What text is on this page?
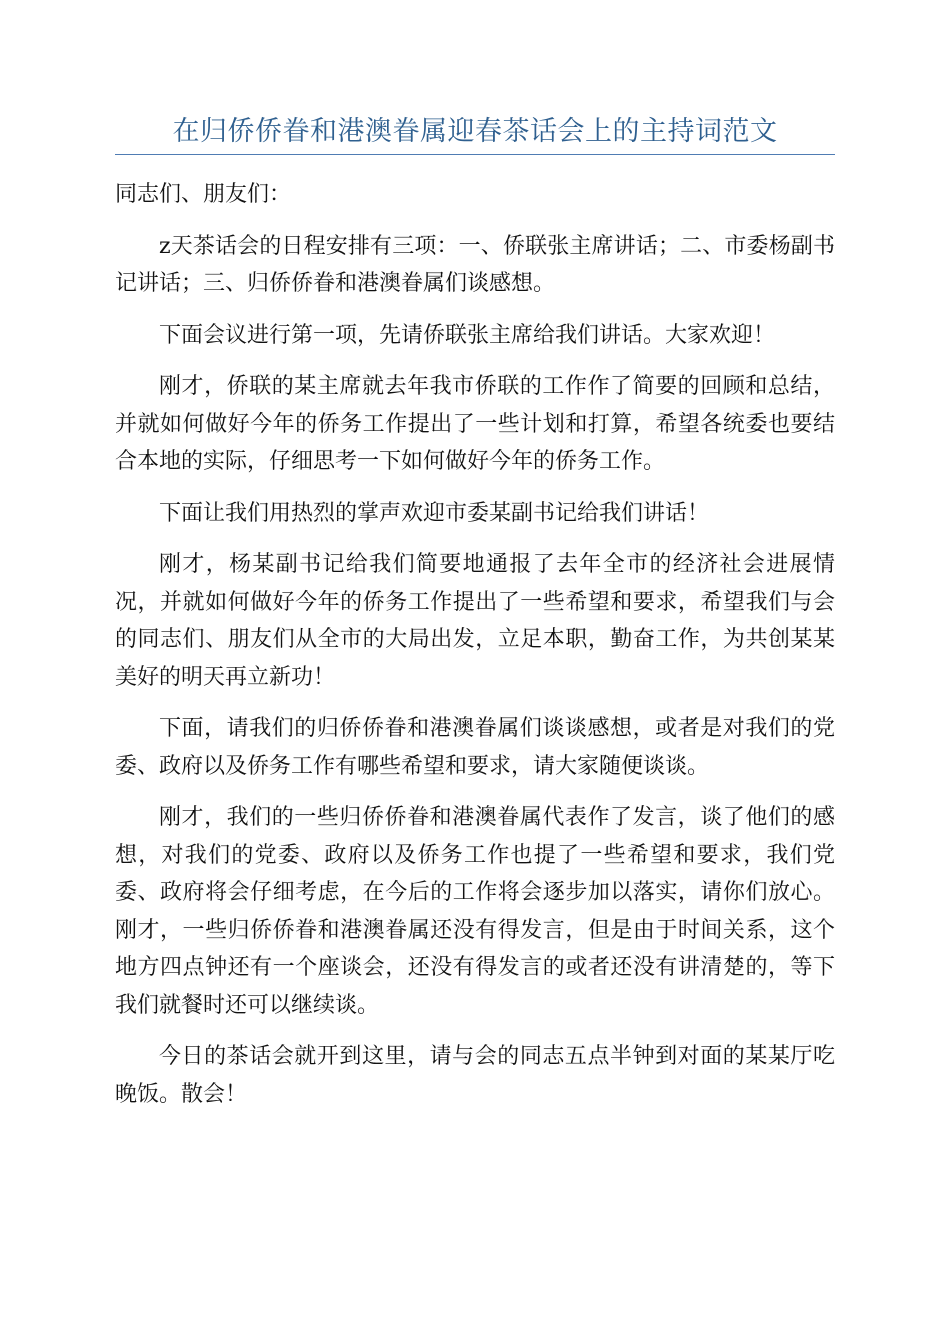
在归侨侨眷和港澳眷属迎春茶话会上的主持词范文

同志们、朋友们：

z天茶话会的日程安排有三项：一、侨联张主席讲话；二、市委杨副书记讲话；三、归侨侨眷和港澳眷属们谈感想。

下面会议进行第一项，先请侨联张主席给我们讲话。大家欢迎！

刚才，侨联的某主席就去年我市侨联的工作作了简要的回顾和总结，并就如何做好今年的侨务工作提出了一些计划和打算，希望各统委也要结合本地的实际，仔细思考一下如何做好今年的侨务工作。

下面让我们用热烈的掌声欢迎市委某副书记给我们讲话！

刚才，杨某副书记给我们简要地通报了去年全市的经济社会进展情况，并就如何做好今年的侨务工作提出了一些希望和要求，希望我们与会的同志们、朋友们从全市的大局出发，立足本职，勤奋工作，为共创某某美好的明天再立新功！

下面，请我们的归侨侨眷和港澳眷属们谈谈感想，或者是对我们的党委、政府以及侨务工作有哪些希望和要求，请大家随便谈谈。

刚才，我们的一些归侨侨眷和港澳眷属代表作了发言，谈了他们的感想，对我们的党委、政府以及侨务工作也提了一些希望和要求，我们党委、政府将会仔细考虑，在今后的工作将会逐步加以落实，请你们放心。刚才，一些归侨侨眷和港澳眷属还没有得发言，但是由于时间关系，这个地方四点钟还有一个座谈会，还没有得发言的或者还没有讲清楚的，等下我们就餐时还可以继续谈。

今日的茶话会就开到这里，请与会的同志五点半钟到对面的某某厅吃晚饭。散会！
